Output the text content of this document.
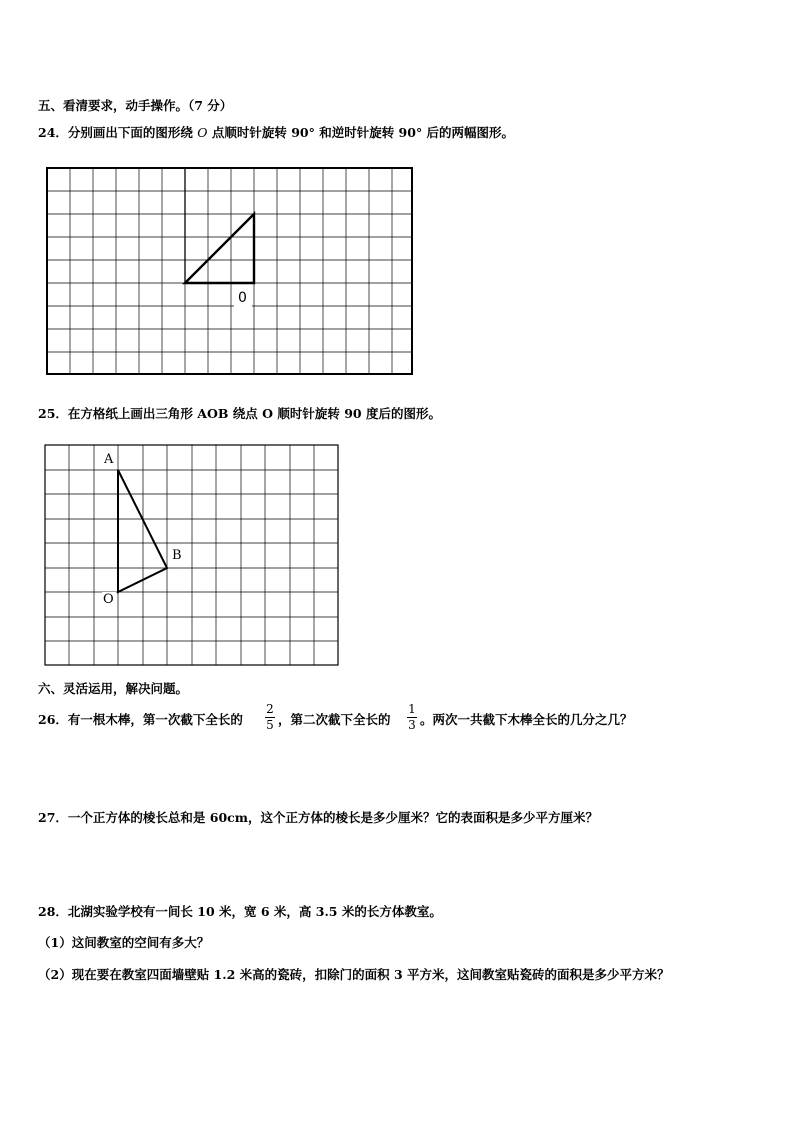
五、看清要求，动手操作。（7 分）
24．分别画出下面的图形绕 O 点顺时针旋转 90° 和逆时针旋转 90° 后的两幅图形。
0
25．在方格纸上画出三角形 AOB 绕点 O 顺时针旋转 90 度后的图形。
A
B
O
六、灵活运用，解决问题。
26．有一根木棒，第一次截下全长的
2
5 ，第二次截下全长的
1
3 。两次一共截下木棒全长的几分之几？
27．一个正方体的棱长总和是 60cm，这个正方体的棱长是多少厘米？它的表面积是多少平方厘米？
28．北湖实验学校有一间长 10 米，宽 6 米，高 3.5 米的长方体教室。
（1）这间教室的空间有多大？
（2）现在要在教室四面墙壁贴 1.2 米高的瓷砖，扣除门的面积 3 平方米，这间教室贴瓷砖的面积是多少平方米？
